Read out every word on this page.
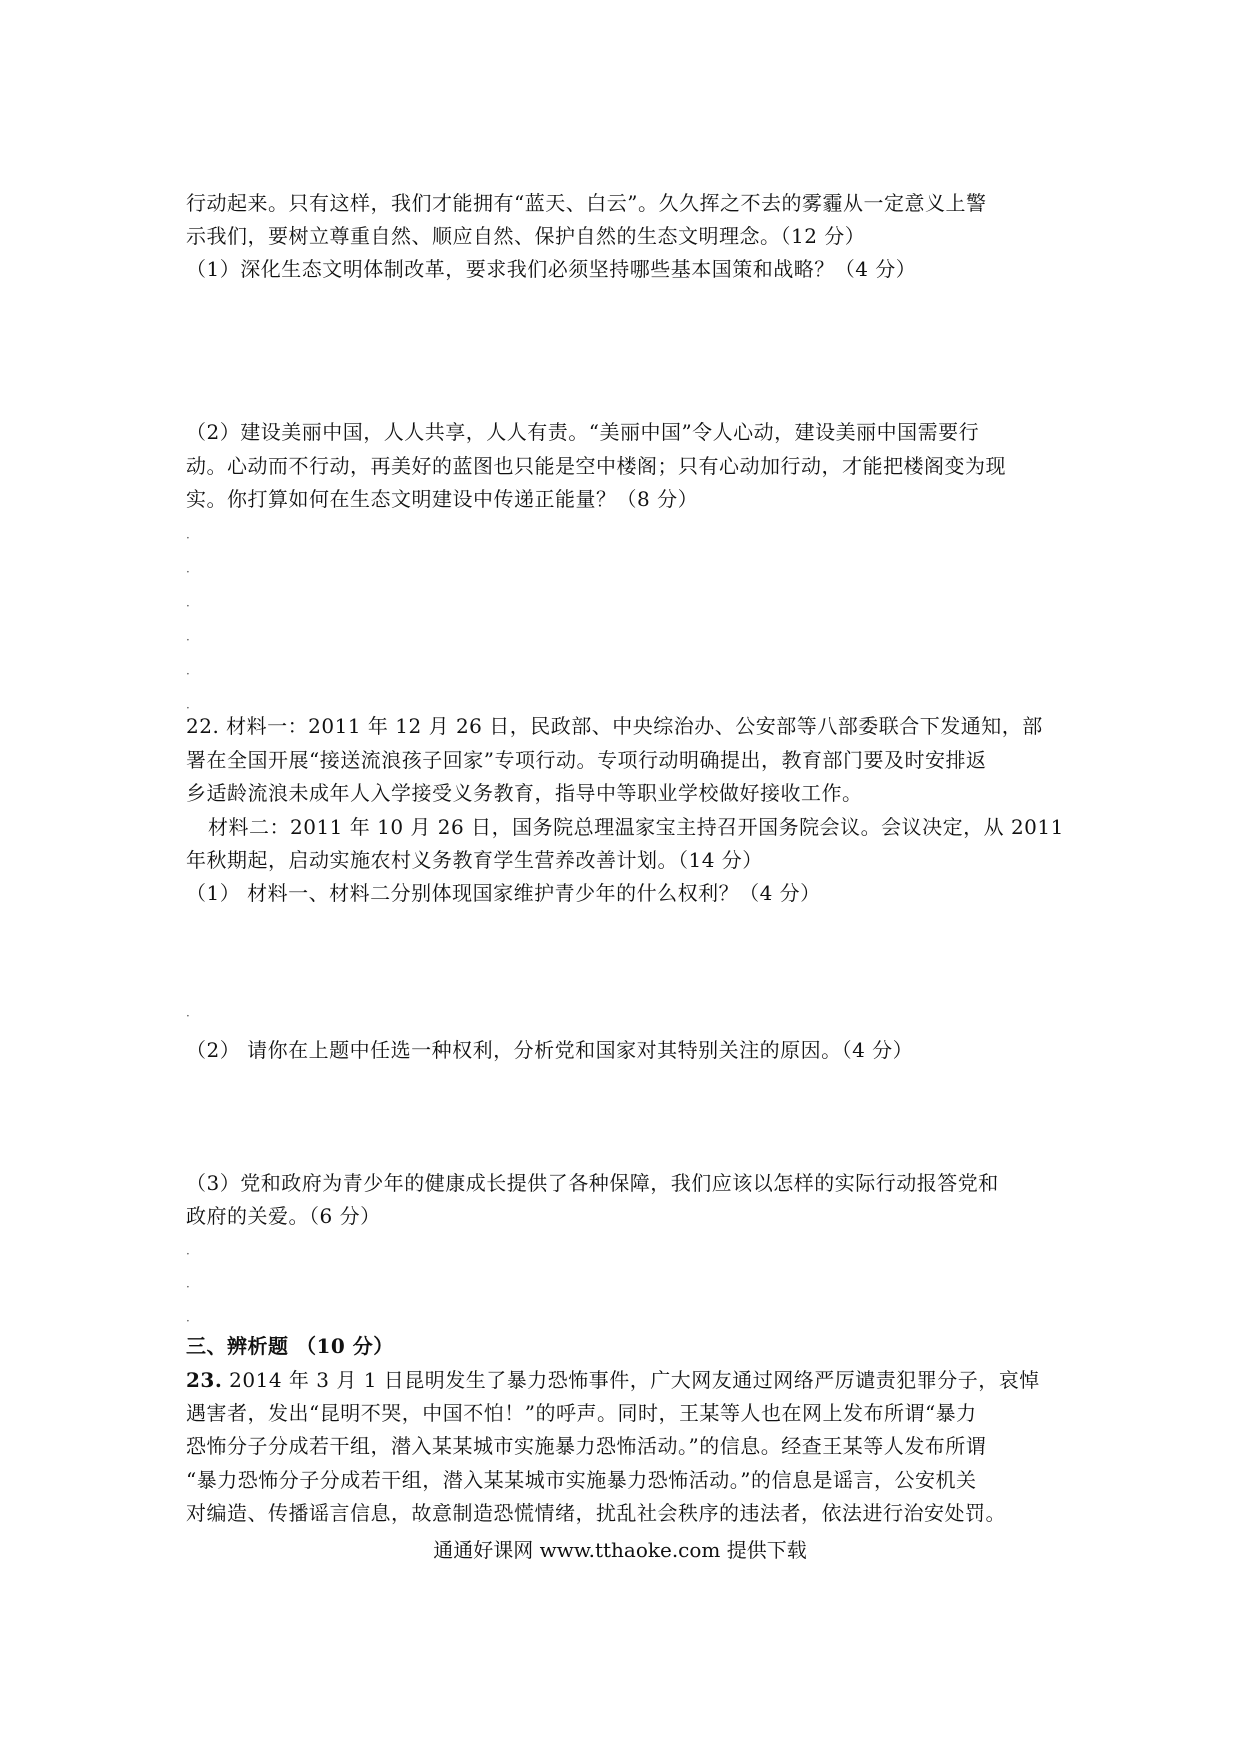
行动起来。只有这样，我们才能拥有“蓝天、白云”。久久挥之不去的雾霾从一定意义上警
示我们，要树立尊重自然、顺应自然、保护自然的生态文明理念。（12 分）
（1）深化生态文明体制改革，要求我们必须坚持哪些基本国策和战略？（4 分）
（2）建设美丽中国，人人共享，人人有责。“美丽中国”令人心动，建设美丽中国需要行
动。心动而不行动，再美好的蓝图也只能是空中楼阁；只有心动加行动，才能把楼阁变为现
实。你打算如何在生态文明建设中传递正能量？（8 分）
·
·
·
·
·
·
22. 材料一：2011 年 12 月 26 日，民政部、中央综治办、公安部等八部委联合下发通知，部
署在全国开展“接送流浪孩子回家”专项行动。专项行动明确提出，教育部门要及时安排返
乡适龄流浪未成年人入学接受义务教育，指导中等职业学校做好接收工作。
材料二：2011 年 10 月 26 日，国务院总理温家宝主持召开国务院会议。会议决定，从 2011
年秋期起，启动实施农村义务教育学生营养改善计划。（14 分）
（1） 材料一、材料二分别体现国家维护青少年的什么权利？（4 分）
·
（2） 请你在上题中任选一种权利，分析党和国家对其特别关注的原因。（4 分）
（3）党和政府为青少年的健康成长提供了各种保障，我们应该以怎样的实际行动报答党和
政府的关爱。（6 分）
·
·
·
三、辨析题 （10 分）
23. 2014 年 3 月 1 日昆明发生了暴力恐怖事件，广大网友通过网络严厉谴责犯罪分子，哀悼
遇害者，发出“昆明不哭，中国不怕！”的呼声。同时，王某等人也在网上发布所谓“暴力
恐怖分子分成若干组，潜入某某城市实施暴力恐怖活动。”的信息。经查王某等人发布所谓
“暴力恐怖分子分成若干组，潜入某某城市实施暴力恐怖活动。”的信息是谣言，公安机关
对编造、传播谣言信息，故意制造恐慌情绪，扰乱社会秩序的违法者，依法进行治安处罚。
通通好课网 www.tthaoke.com 提供下载
